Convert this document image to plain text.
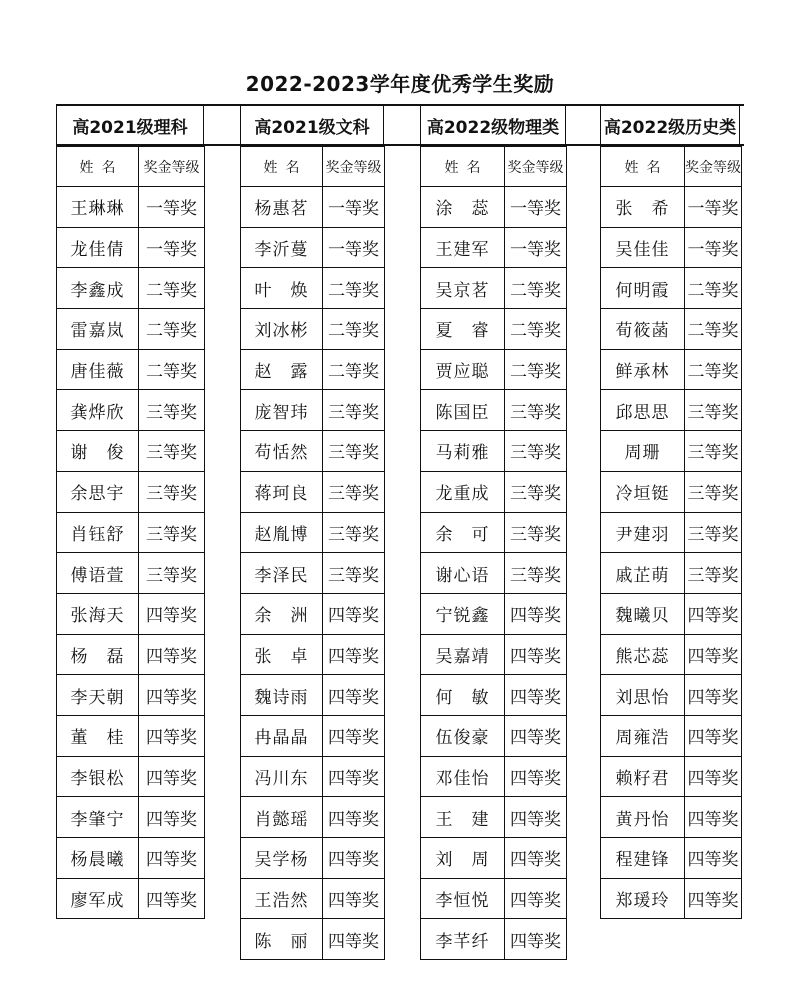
2022-2023学年度优秀学生奖励
高2021级理科
姓名	奖金等级
王琳琳	一等奖
龙佳倩	一等奖
李鑫成	二等奖
雷嘉岚	二等奖
唐佳薇	二等奖
龚烨欣	三等奖
谢　俊	三等奖
余思宇	三等奖
肖钰舒	三等奖
傅语萱	三等奖
张海天	四等奖
杨　磊	四等奖
李天朝	四等奖
董　桂	四等奖
李银松	四等奖
李肇宁	四等奖
杨晨曦	四等奖
廖军成	四等奖
高2021级文科
姓名	奖金等级
杨惠茗	一等奖
李沂蔓	一等奖
叶　焕	二等奖
刘冰彬	二等奖
赵　露	二等奖
庞智玮	三等奖
苟恬然	三等奖
蒋珂良	三等奖
赵胤博	三等奖
李泽民	三等奖
余　洲	四等奖
张　卓	四等奖
魏诗雨	四等奖
冉晶晶	四等奖
冯川东	四等奖
肖懿瑶	四等奖
吴学杨	四等奖
王浩然	四等奖
陈　丽	四等奖
高2022级物理类
姓名	奖金等级
涂　蕊	一等奖
王建军	一等奖
吴京茗	二等奖
夏　睿	二等奖
贾应聪	二等奖
陈国臣	三等奖
马莉雅	三等奖
龙重成	三等奖
余　可	三等奖
谢心语	三等奖
宁锐鑫	四等奖
吴嘉靖	四等奖
何　敏	四等奖
伍俊豪	四等奖
邓佳怡	四等奖
王　建	四等奖
刘　周	四等奖
李恒悦	四等奖
李芊纤	四等奖
高2022级历史类
姓名	奖金等级
张　希	一等奖
吴佳佳	一等奖
何明霞	二等奖
荀筱菡	二等奖
鲜承林	二等奖
邱思思	三等奖
周珊	三等奖
冷垣铤	三等奖
尹建羽	三等奖
戚芷萌	三等奖
魏曦贝	四等奖
熊芯蕊	四等奖
刘思怡	四等奖
周雍浩	四等奖
赖籽君	四等奖
黄丹怡	四等奖
程建锋	四等奖
郑瑗玲	四等奖
